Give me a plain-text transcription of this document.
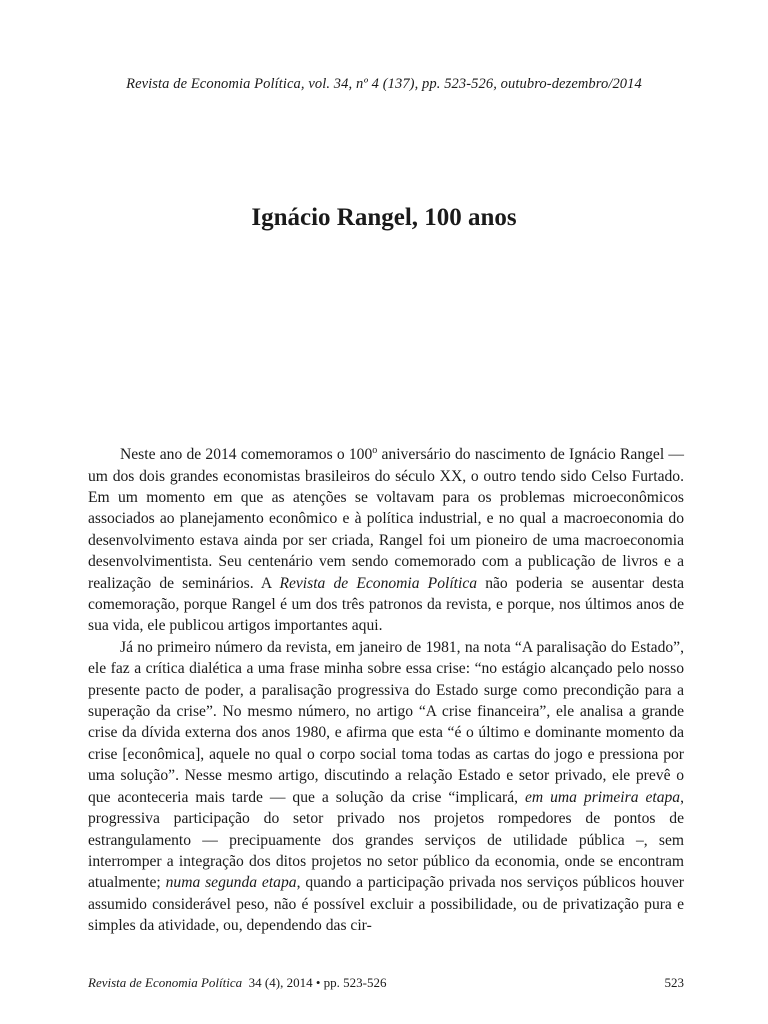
Revista de Economia Política, vol. 34, nº 4 (137), pp. 523-526, outubro-dezembro/2014
Ignácio Rangel, 100 anos

Neste ano de 2014 comemoramos o 100$^o$ aniversário do nascimento de Ignácio Rangel — um dos dois grandes economistas brasileiros do século XX, o outro tendo sido Celso Furtado. Em um momento em que as atenções se voltavam para os problemas microeconômicos associados ao planejamento econômico e à política industrial, e no qual a macroeconomia do desenvolvimento estava ainda por ser criada, Rangel foi um pioneiro de uma macroeconomia desenvolvimentista. Seu centenário vem sendo comemorado com a publicação de livros e a realização de seminários. A Revista de Economia Política não poderia se ausentar desta comemoração, porque Rangel é um dos três patronos da revista, e porque, nos últimos anos de sua vida, ele publicou artigos importantes aqui.

Já no primeiro número da revista, em janeiro de 1981, na nota “A paralisação do Estado”, ele faz a crítica dialética a uma frase minha sobre essa crise: “no estágio alcançado pelo nosso presente pacto de poder, a paralisação progressiva do Estado surge como precondição para a superação da crise”. No mesmo número, no artigo “A crise financeira”, ele analisa a grande crise da dívida externa dos anos 1980, e afirma que esta “é o último e dominante momento da crise [econômica], aquele no qual o corpo social toma todas as cartas do jogo e pressiona por uma solução”. Nesse mesmo artigo, discutindo a relação Estado e setor privado, ele prevê o que aconteceria mais tarde — que a solução da crise “implicará, em uma primeira etapa, progressiva participação do setor privado nos projetos rompedores de pontos de estrangulamento — precipuamente dos grandes serviços de utilidade pública –, sem interromper a integração dos ditos projetos no setor público da economia, onde se encontram atualmente; numa segunda etapa, quando a participação privada nos serviços públicos houver assumido considerável peso, não é possível excluir a possibilidade, ou de privatização pura e simples da atividade, ou, dependendo das cir-

Revista de Economia Política  34 (4), 2014 • pp. 523-526	523
